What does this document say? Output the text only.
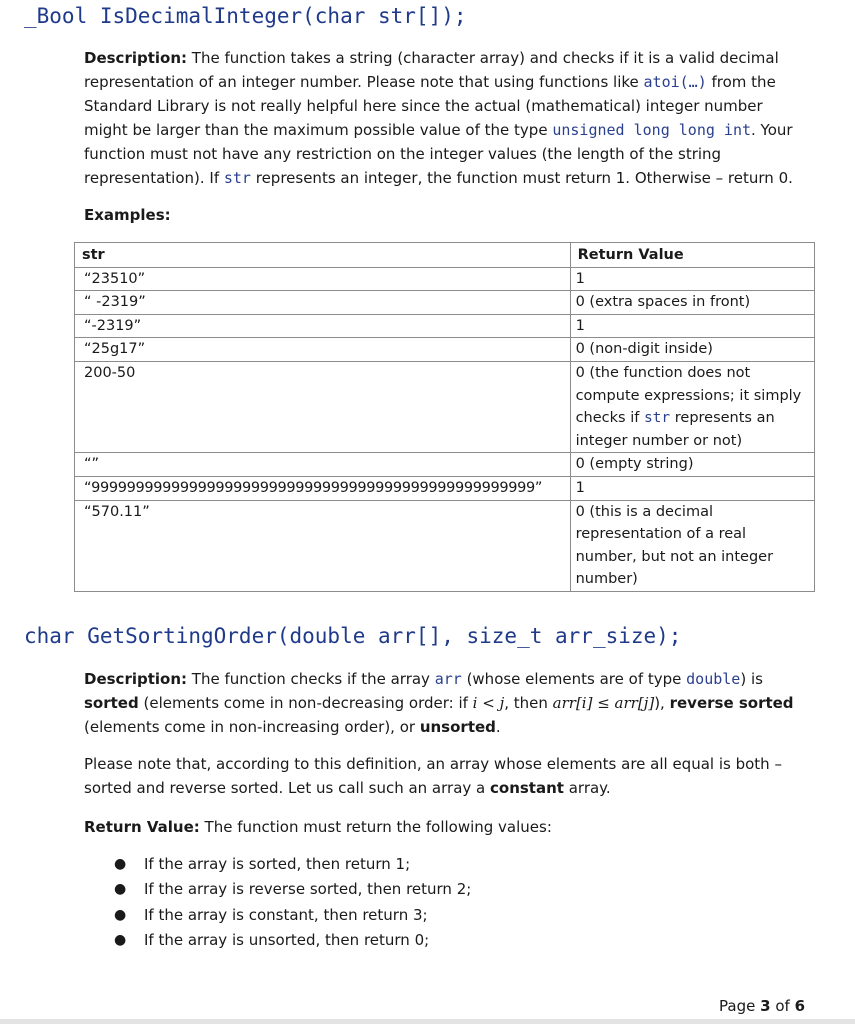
_Bool IsDecimalInteger(char str[]);

Description: The function takes a string (character array) and checks if it is a valid decimal representation of an integer number. Please note that using functions like atoi(…) from the Standard Library is not really helpful here since the actual (mathematical) integer number might be larger than the maximum possible value of the type unsigned long long int. Your function must not have any restriction on the integer values (the length of the string representation). If str represents an integer, the function must return 1. Otherwise – return 0.

Examples:
str	Return Value
“23510”	1
“ -2319”	0 (extra spaces in front)
“-2319”	1
“25g17”	0 (non-digit inside)
200-50	0 (the function does not compute expressions; it simply checks if str represents an integer number or not)
“”	0 (empty string)
“99999999999999999999999999999999999999999999999999”	1
“570.11”	0 (this is a decimal representation of a real number, but not an integer number)
char GetSortingOrder(double arr[], size_t arr_size);

Description: The function checks if the array arr (whose elements are of type double) is sorted (elements come in non-decreasing order: if i < j, then arr[i] ≤ arr[j]), reverse sorted (elements come in non-increasing order), or unsorted.

Please note that, according to this definition, an array whose elements are all equal is both – sorted and reverse sorted. Let us call such an array a constant array.

Return Value: The function must return the following values:

● If the array is sorted, then return 1;
● If the array is reverse sorted, then return 2;
● If the array is constant, then return 3;
● If the array is unsorted, then return 0;
Page 3 of 6
